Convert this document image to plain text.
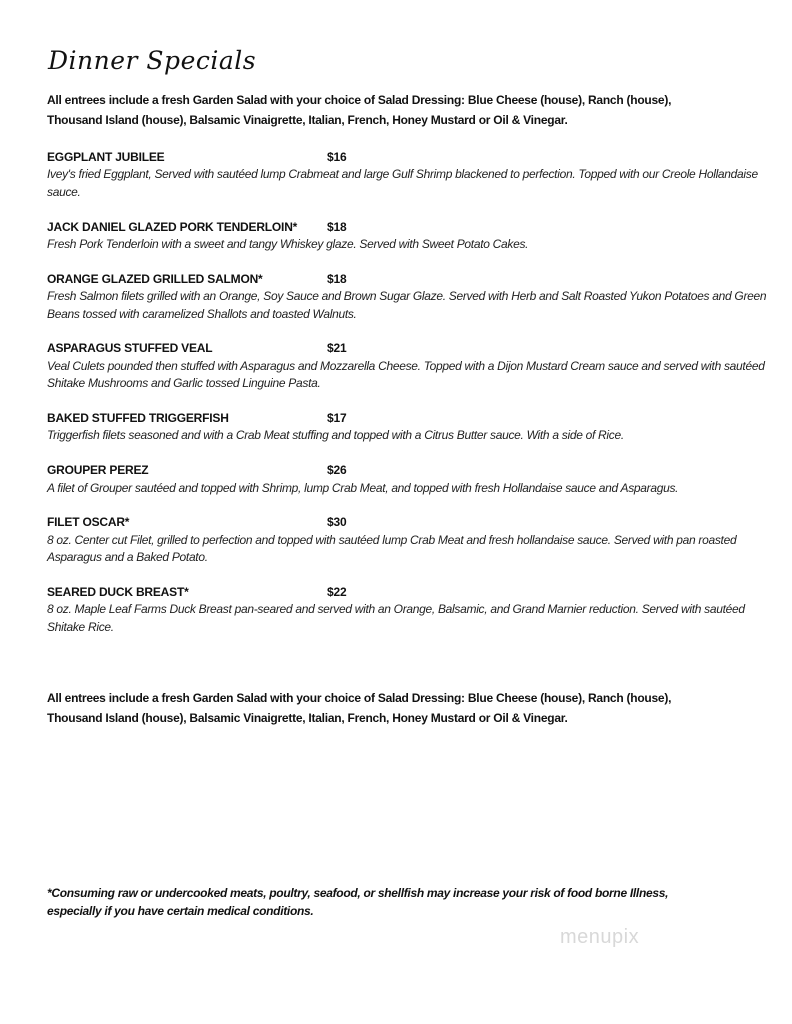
Dinner Specials
All entrees include a fresh Garden Salad with your choice of Salad Dressing: Blue Cheese (house), Ranch (house),
Thousand Island (house), Balsamic Vinaigrette, Italian, French, Honey Mustard or Oil & Vinegar.
EGGPLANT JUBILEE	$16
Ivey's fried Eggplant, Served with sautéed lump Crabmeat and large Gulf Shrimp blackened to perfection. Topped with our Creole Hollandaise sauce.
JACK DANIEL GLAZED PORK TENDERLOIN*	$18
Fresh Pork Tenderloin with a sweet and tangy Whiskey glaze. Served with Sweet Potato Cakes.
ORANGE GLAZED GRILLED SALMON*	$18
Fresh Salmon filets grilled with an Orange, Soy Sauce and Brown Sugar Glaze. Served with Herb and Salt Roasted Yukon Potatoes and Green Beans tossed with caramelized Shallots and toasted Walnuts.
ASPARAGUS STUFFED VEAL	$21
Veal Culets pounded then stuffed with Asparagus and Mozzarella Cheese. Topped with a Dijon Mustard Cream sauce and served with sautéed Shitake Mushrooms and Garlic tossed Linguine Pasta.
BAKED STUFFED TRIGGERFISH	$17
Triggerfish filets seasoned and with a Crab Meat stuffing and topped with a Citrus Butter sauce. With a side of Rice.
GROUPER PEREZ	$26
A filet of Grouper sautéed and topped with Shrimp, lump Crab Meat, and topped with fresh Hollandaise sauce and Asparagus.
FILET OSCAR*	$30
8 oz. Center cut Filet, grilled to perfection and topped with sautéed lump Crab Meat and fresh hollandaise sauce. Served with pan roasted Asparagus and a Baked Potato.
SEARED DUCK BREAST*	$22
8 oz. Maple Leaf Farms Duck Breast pan-seared and served with an Orange, Balsamic, and Grand Marnier reduction. Served with sautéed Shitake Rice.
All entrees include a fresh Garden Salad with your choice of Salad Dressing: Blue Cheese (house), Ranch (house),
Thousand Island (house), Balsamic Vinaigrette, Italian, French, Honey Mustard or Oil & Vinegar.
*Consuming raw or undercooked meats, poultry, seafood, or shellfish may increase your risk of food borne Illness,
especially if you have certain medical conditions.
menupix
